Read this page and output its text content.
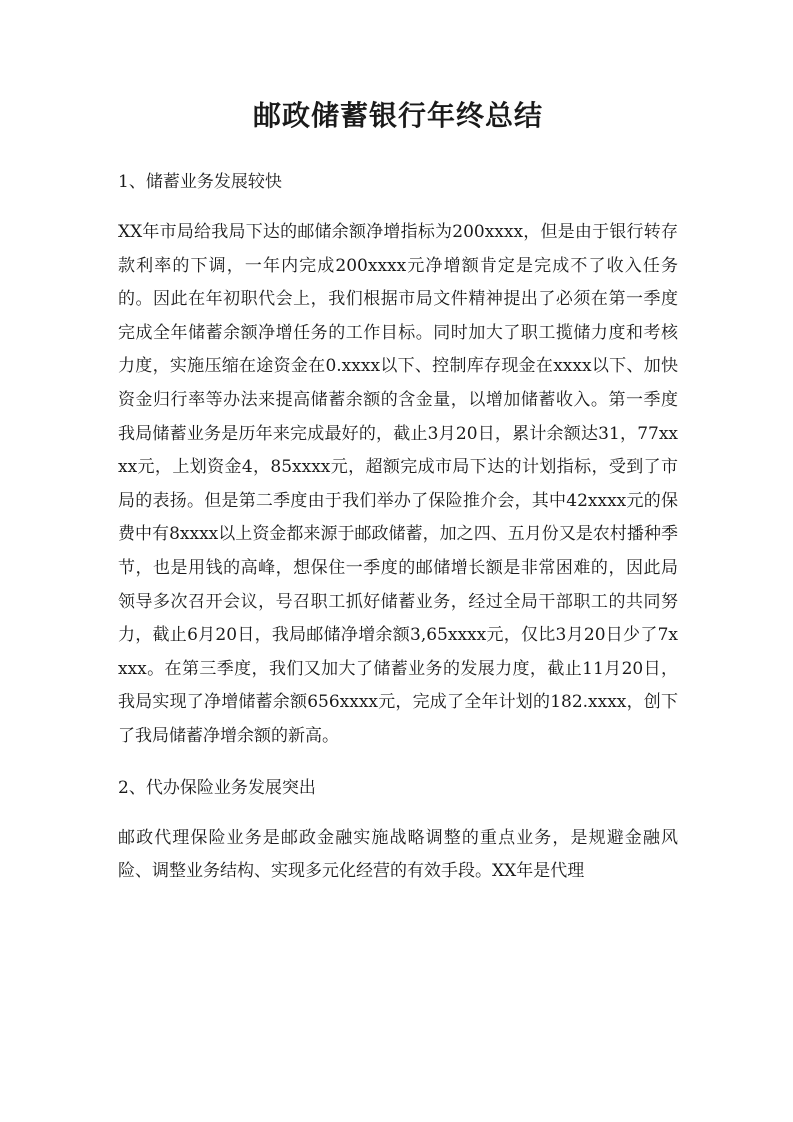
邮政储蓄银行年终总结

1、储蓄业务发展较快

XX年市局给我局下达的邮储余额净增指标为200xxxx，但是由于银行转存款利率的下调，一年内完成200xxxx元净增额肯定是完成不了收入任务的。因此在年初职代会上，我们根据市局文件精神提出了必须在第一季度完成全年储蓄余额净增任务的工作目标。同时加大了职工揽储力度和考核力度，实施压缩在途资金在0.xxxx以下、控制库存现金在xxxx以下、加快资金归行率等办法来提高储蓄余额的含金量，以增加储蓄收入。第一季度我局储蓄业务是历年来完成最好的，截止3月20日，累计余额达31，77xxxx元，上划资金4，85xxxx元，超额完成市局下达的计划指标，受到了市局的表扬。但是第二季度由于我们举办了保险推介会，其中42xxxx元的保费中有8xxxx以上资金都来源于邮政储蓄，加之四、五月份又是农村播种季节，也是用钱的高峰，想保住一季度的邮储增长额是非常困难的，因此局领导多次召开会议，号召职工抓好储蓄业务，经过全局干部职工的共同努力，截止6月20日，我局邮储净增余额3,65xxxx元，仅比3月20日少了7xxxx。在第三季度，我们又加大了储蓄业务的发展力度，截止11月20日，我局实现了净增储蓄余额656xxxx元，完成了全年计划的182.xxxx，创下了我局储蓄净增余额的新高。

2、代办保险业务发展突出

邮政代理保险业务是邮政金融实施战略调整的重点业务，是规避金融风险、调整业务结构、实现多元化经营的有效手段。XX年是代理
